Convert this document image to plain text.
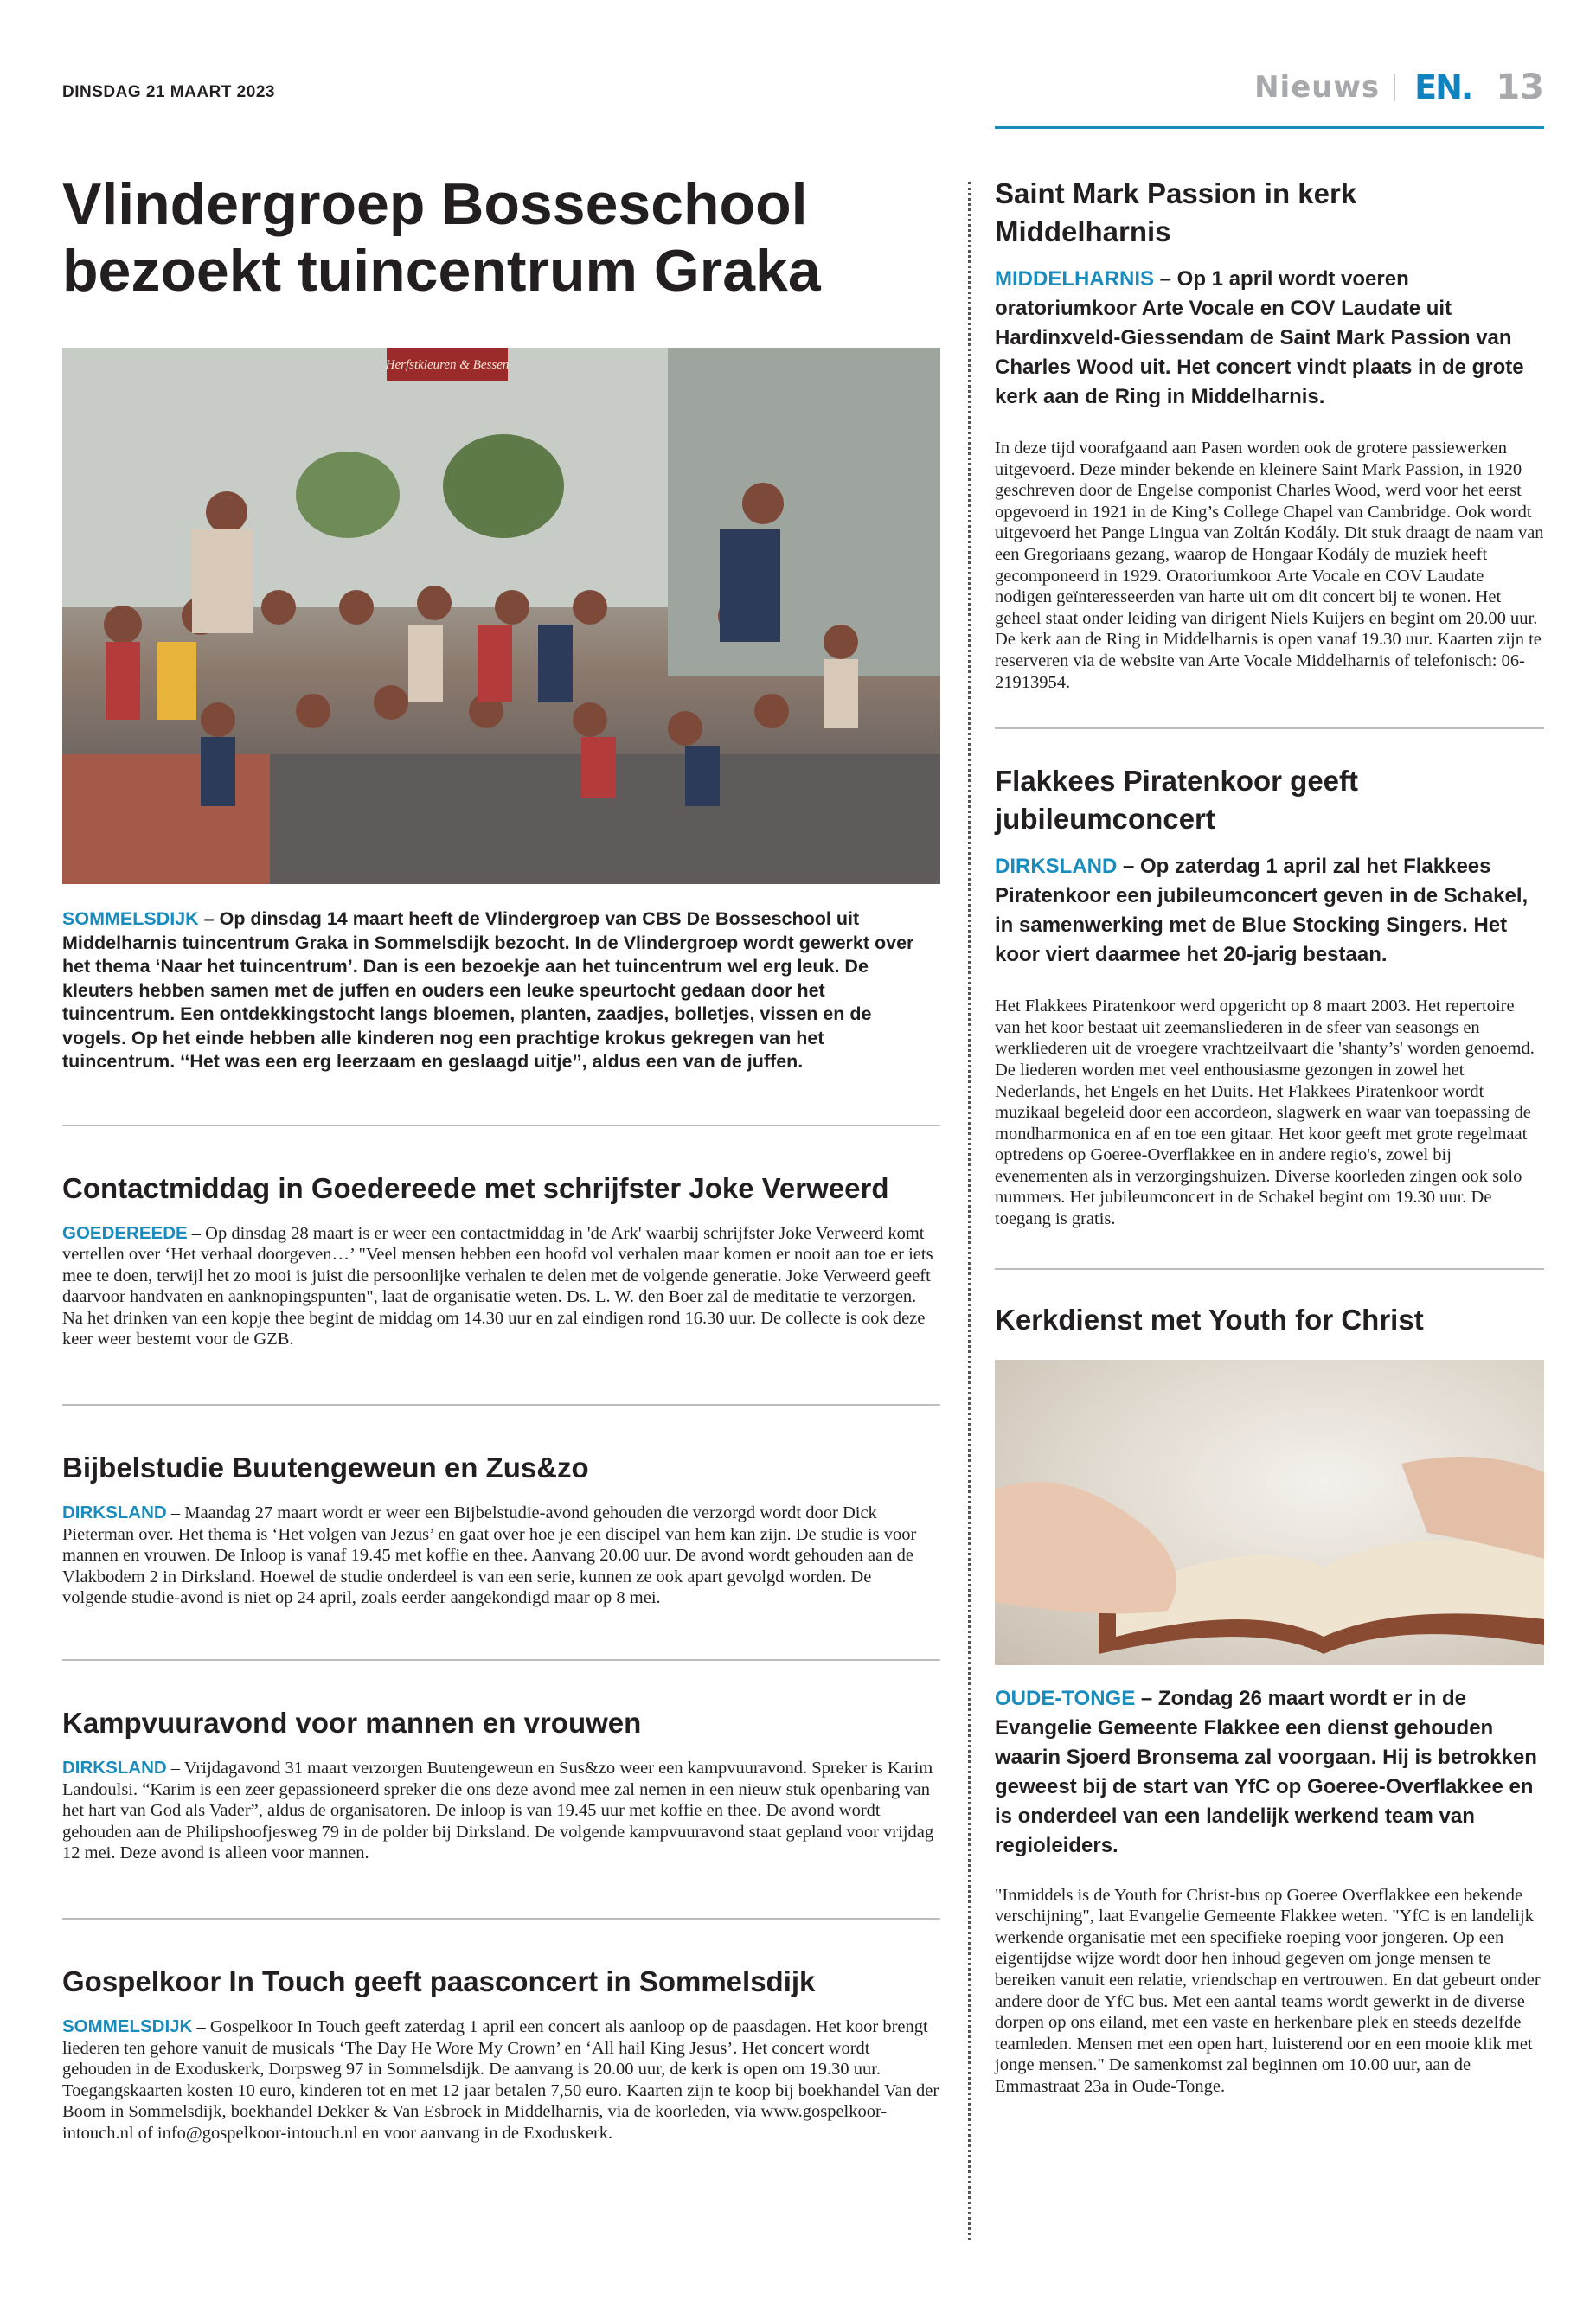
DINSDAG 21 MAART 2023	Nieuws EN. 13
Vlindergroep Bosseschool bezoekt tuincentrum Graka
Herfstkleuren & Bessen

SOMMELSDIJK – Op dinsdag 14 maart heeft de Vlindergroep van CBS De Bosseschool uit Middelharnis tuincentrum Graka in Sommelsdijk bezocht. In de Vlindergroep wordt gewerkt over het thema ‘Naar het tuincentrum’. Dan is een bezoekje aan het tuincentrum wel erg leuk. De kleuters hebben samen met de juffen en ouders een leuke speurtocht gedaan door het tuincentrum. Een ontdekkingstocht langs bloemen, planten, zaadjes, bolletjes, vissen en de vogels. Op het einde hebben alle kinderen nog een prachtige krokus gekregen van het tuincentrum. ‘‘Het was een erg leerzaam en geslaagd uitje’’, aldus een van de juffen.

Contactmiddag in Goedereede met schrijfster Joke Verweerd

GOEDEREEDE – Op dinsdag 28 maart is er weer een contactmiddag in 'de Ark' waarbij schrijfster Joke Verweerd komt vertellen over ‘Het verhaal doorgeven…’ "Veel mensen hebben een hoofd vol verhalen maar komen er nooit aan toe er iets mee te doen, terwijl het zo mooi is juist die persoonlijke verhalen te delen met de volgende generatie. Joke Verweerd geeft daarvoor handvaten en aanknopingspunten", laat de organisatie weten. Ds. L. W. den Boer zal de meditatie te verzorgen. Na het drinken van een kopje thee begint de middag om 14.30 uur en zal eindigen rond 16.30 uur. De collecte is ook deze keer weer bestemt voor de GZB.

Bijbelstudie Buutengeweun en Zus&zo

DIRKSLAND – Maandag 27 maart wordt er weer een Bijbelstudie-avond gehouden die verzorgd wordt door Dick Pieterman over. Het thema is ‘Het volgen van Jezus’ en gaat over hoe je een discipel van hem kan zijn. De studie is voor mannen en vrouwen. De Inloop is vanaf 19.45 met koffie en thee. Aanvang 20.00 uur. De avond wordt gehouden aan de Vlakbodem 2 in Dirksland. Hoewel de studie onderdeel is van een serie, kunnen ze ook apart gevolgd worden. De volgende studie-avond is niet op 24 april, zoals eerder aangekondigd maar op 8 mei.

Kampvuuravond voor mannen en vrouwen

DIRKSLAND – Vrijdagavond 31 maart verzorgen Buutengeweun en Sus&zo weer een kampvuuravond. Spreker is Karim Landoulsi. “Karim is een zeer gepassioneerd spreker die ons deze avond mee zal nemen in een nieuw stuk openbaring van het hart van God als Vader”, aldus de organisatoren. De inloop is van 19.45 uur met koffie en thee. De avond wordt gehouden aan de Philipshoofjesweg 79 in de polder bij Dirksland. De volgende kampvuuravond staat gepland voor vrijdag 12 mei. Deze avond is alleen voor mannen.

Gospelkoor In Touch geeft paasconcert in Sommelsdijk

SOMMELSDIJK – Gospelkoor In Touch geeft zaterdag 1 april een concert als aanloop op de paasdagen. Het koor brengt liederen ten gehore vanuit de musicals ‘The Day He Wore My Crown’ en ‘All hail King Jesus’. Het concert wordt gehouden in de Exoduskerk, Dorpsweg 97 in Sommelsdijk. De aanvang is 20.00 uur, de kerk is open om 19.30 uur. Toegangskaarten kosten 10 euro, kinderen tot en met 12 jaar betalen 7,50 euro. Kaarten zijn te koop bij boekhandel Van der Boom in Sommelsdijk, boekhandel Dekker & Van Esbroek in Middelharnis, via de koorleden, via www.gospelkoor-intouch.nl of info@gospelkoor-intouch.nl en voor aanvang in de Exoduskerk.

Saint Mark Passion in kerk Middelharnis

MIDDELHARNIS – Op 1 april wordt voeren oratoriumkoor Arte Vocale en COV Laudate uit Hardinxveld-Giessendam de Saint Mark Passion van Charles Wood uit. Het concert vindt plaats in de grote kerk aan de Ring in Middelharnis.

In deze tijd voorafgaand aan Pasen worden ook de grotere passiewerken uitgevoerd. Deze minder bekende en kleinere Saint Mark Passion, in 1920 geschreven door de Engelse componist Charles Wood, werd voor het eerst opgevoerd in 1921 in de King’s College Chapel van Cambridge. Ook wordt uitgevoerd het Pange Lingua van Zoltán Kodály. Dit stuk draagt de naam van een Gregoriaans gezang, waarop de Hongaar Kodály de muziek heeft gecomponeerd in 1929. Oratoriumkoor Arte Vocale en COV Laudate nodigen geïnteresseerden van harte uit om dit concert bij te wonen. Het geheel staat onder leiding van dirigent Niels Kuijers en begint om 20.00 uur. De kerk aan de Ring in Middelharnis is open vanaf 19.30 uur. Kaarten zijn te reserveren via de website van Arte Vocale Middelharnis of telefonisch: 06-21913954.

Flakkees Piratenkoor geeft jubileumconcert

DIRKSLAND – Op zaterdag 1 april zal het Flakkees Piratenkoor een jubileumconcert geven in de Schakel, in samenwerking met de Blue Stocking Singers. Het koor viert daarmee het 20-jarig bestaan.

Het Flakkees Piratenkoor werd opgericht op 8 maart 2003. Het repertoire van het koor bestaat uit zeemansliederen in de sfeer van seasongs en werkliederen uit de vroegere vrachtzeilvaart die 'shanty’s' worden genoemd. De liederen worden met veel enthousiasme gezongen in zowel het Nederlands, het Engels en het Duits. Het Flakkees Piratenkoor wordt muzikaal begeleid door een accordeon, slagwerk en waar van toepassing de mondharmonica en af en toe een gitaar. Het koor geeft met grote regelmaat optredens op Goeree-Overflakkee en in andere regio's, zowel bij evenementen als in verzorgingshuizen. Diverse koorleden zingen ook solo nummers. Het jubileumconcert in de Schakel begint om 19.30 uur. De toegang is gratis.

Kerkdienst met Youth for Christ

OUDE-TONGE – Zondag 26 maart wordt er in de Evangelie Gemeente Flakkee een dienst gehouden waarin Sjoerd Bronsema zal voorgaan. Hij is betrokken geweest bij de start van YfC op Goeree-Overflakkee en is onderdeel van een landelijk werkend team van regioleiders.

"Inmiddels is de Youth for Christ-bus op Goeree Overflakkee een bekende verschijning", laat Evangelie Gemeente Flakkee weten. "YfC is en landelijk werkende organisatie met een specifieke roeping voor jongeren. Op een eigentijdse wijze wordt door hen inhoud gegeven om jonge mensen te bereiken vanuit een relatie, vriendschap en vertrouwen. En dat gebeurt onder andere door de YfC bus. Met een aantal teams wordt gewerkt in de diverse dorpen op ons eiland, met een vaste en herkenbare plek en steeds dezelfde teamleden. Mensen met een open hart, luisterend oor en een mooie klik met jonge mensen." De samenkomst zal beginnen om 10.00 uur, aan de Emmastraat 23a in Oude-Tonge.
